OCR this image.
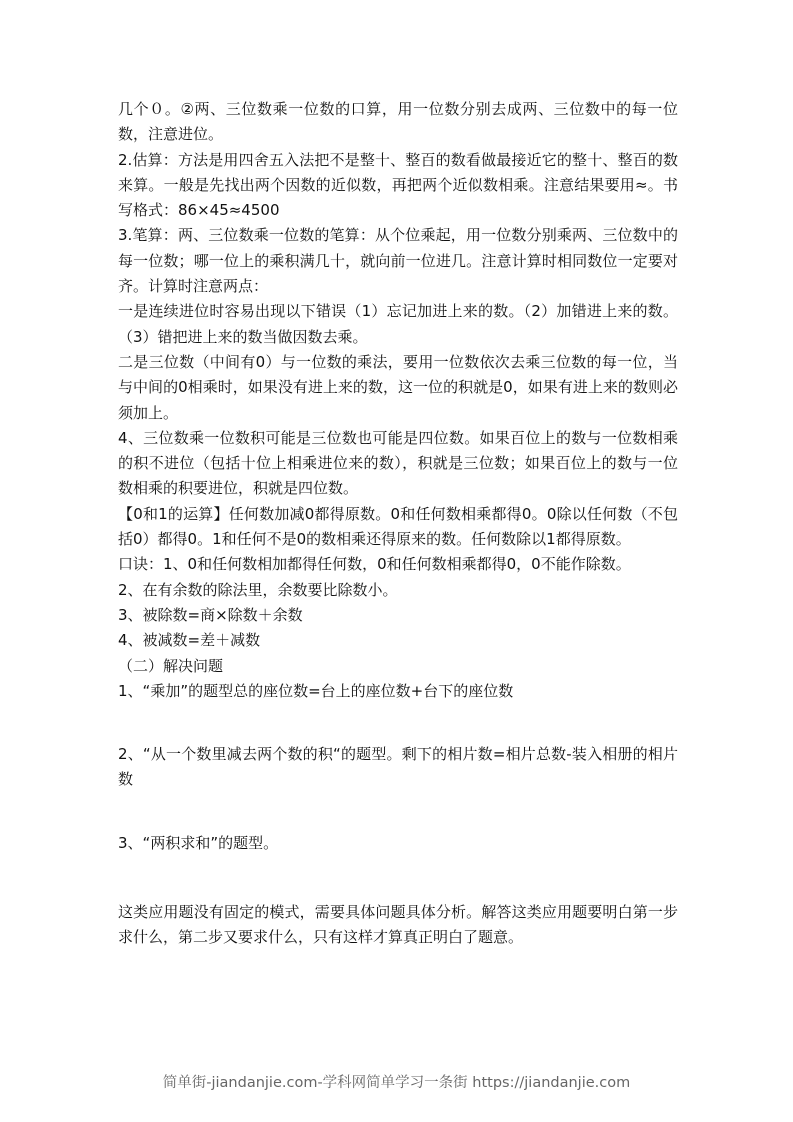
几个０。②两、三位数乘一位数的口算，用一位数分别去成两、三位数中的每一位数，注意进位。

2.估算：方法是用四舍五入法把不是整十、整百的数看做最接近它的整十、整百的数来算。一般是先找出两个因数的近似数，再把两个近似数相乘。注意结果要用≈。书写格式：86×45≈4500

3.笔算：两、三位数乘一位数的笔算：从个位乘起，用一位数分别乘两、三位数中的每一位数；哪一位上的乘积满几十，就向前一位进几。注意计算时相同数位一定要对齐。计算时注意两点：

一是连续进位时容易出现以下错误（1）忘记加进上来的数。（2）加错进上来的数。（3）错把进上来的数当做因数去乘。

二是三位数（中间有0）与一位数的乘法，要用一位数依次去乘三位数的每一位，当与中间的0相乘时，如果没有进上来的数，这一位的积就是0，如果有进上来的数则必须加上。

4、三位数乘一位数积可能是三位数也可能是四位数。如果百位上的数与一位数相乘的积不进位（包括十位上相乘进位来的数），积就是三位数；如果百位上的数与一位数相乘的积要进位，积就是四位数。

【0和1的运算】任何数加减0都得原数。0和任何数相乘都得0。0除以任何数（不包括0）都得0。1和任何不是0的数相乘还得原来的数。任何数除以1都得原数。

口诀：1、0和任何数相加都得任何数，0和任何数相乘都得0，0不能作除数。

2、在有余数的除法里，余数要比除数小。

3、被除数=商×除数＋余数

4、被减数=差＋减数

（二）解决问题

1、“乘加”的题型总的座位数=台上的座位数+台下的座位数

2、“从一个数里减去两个数的积“的题型。剩下的相片数=相片总数-装入相册的相片数

3、“两积求和”的题型。

这类应用题没有固定的模式，需要具体问题具体分析。解答这类应用题要明白第一步求什么，第二步又要求什么，只有这样才算真正明白了题意。

简单街-jiandanjie.com-学科网简单学习一条街 https://jiandanjie.com
